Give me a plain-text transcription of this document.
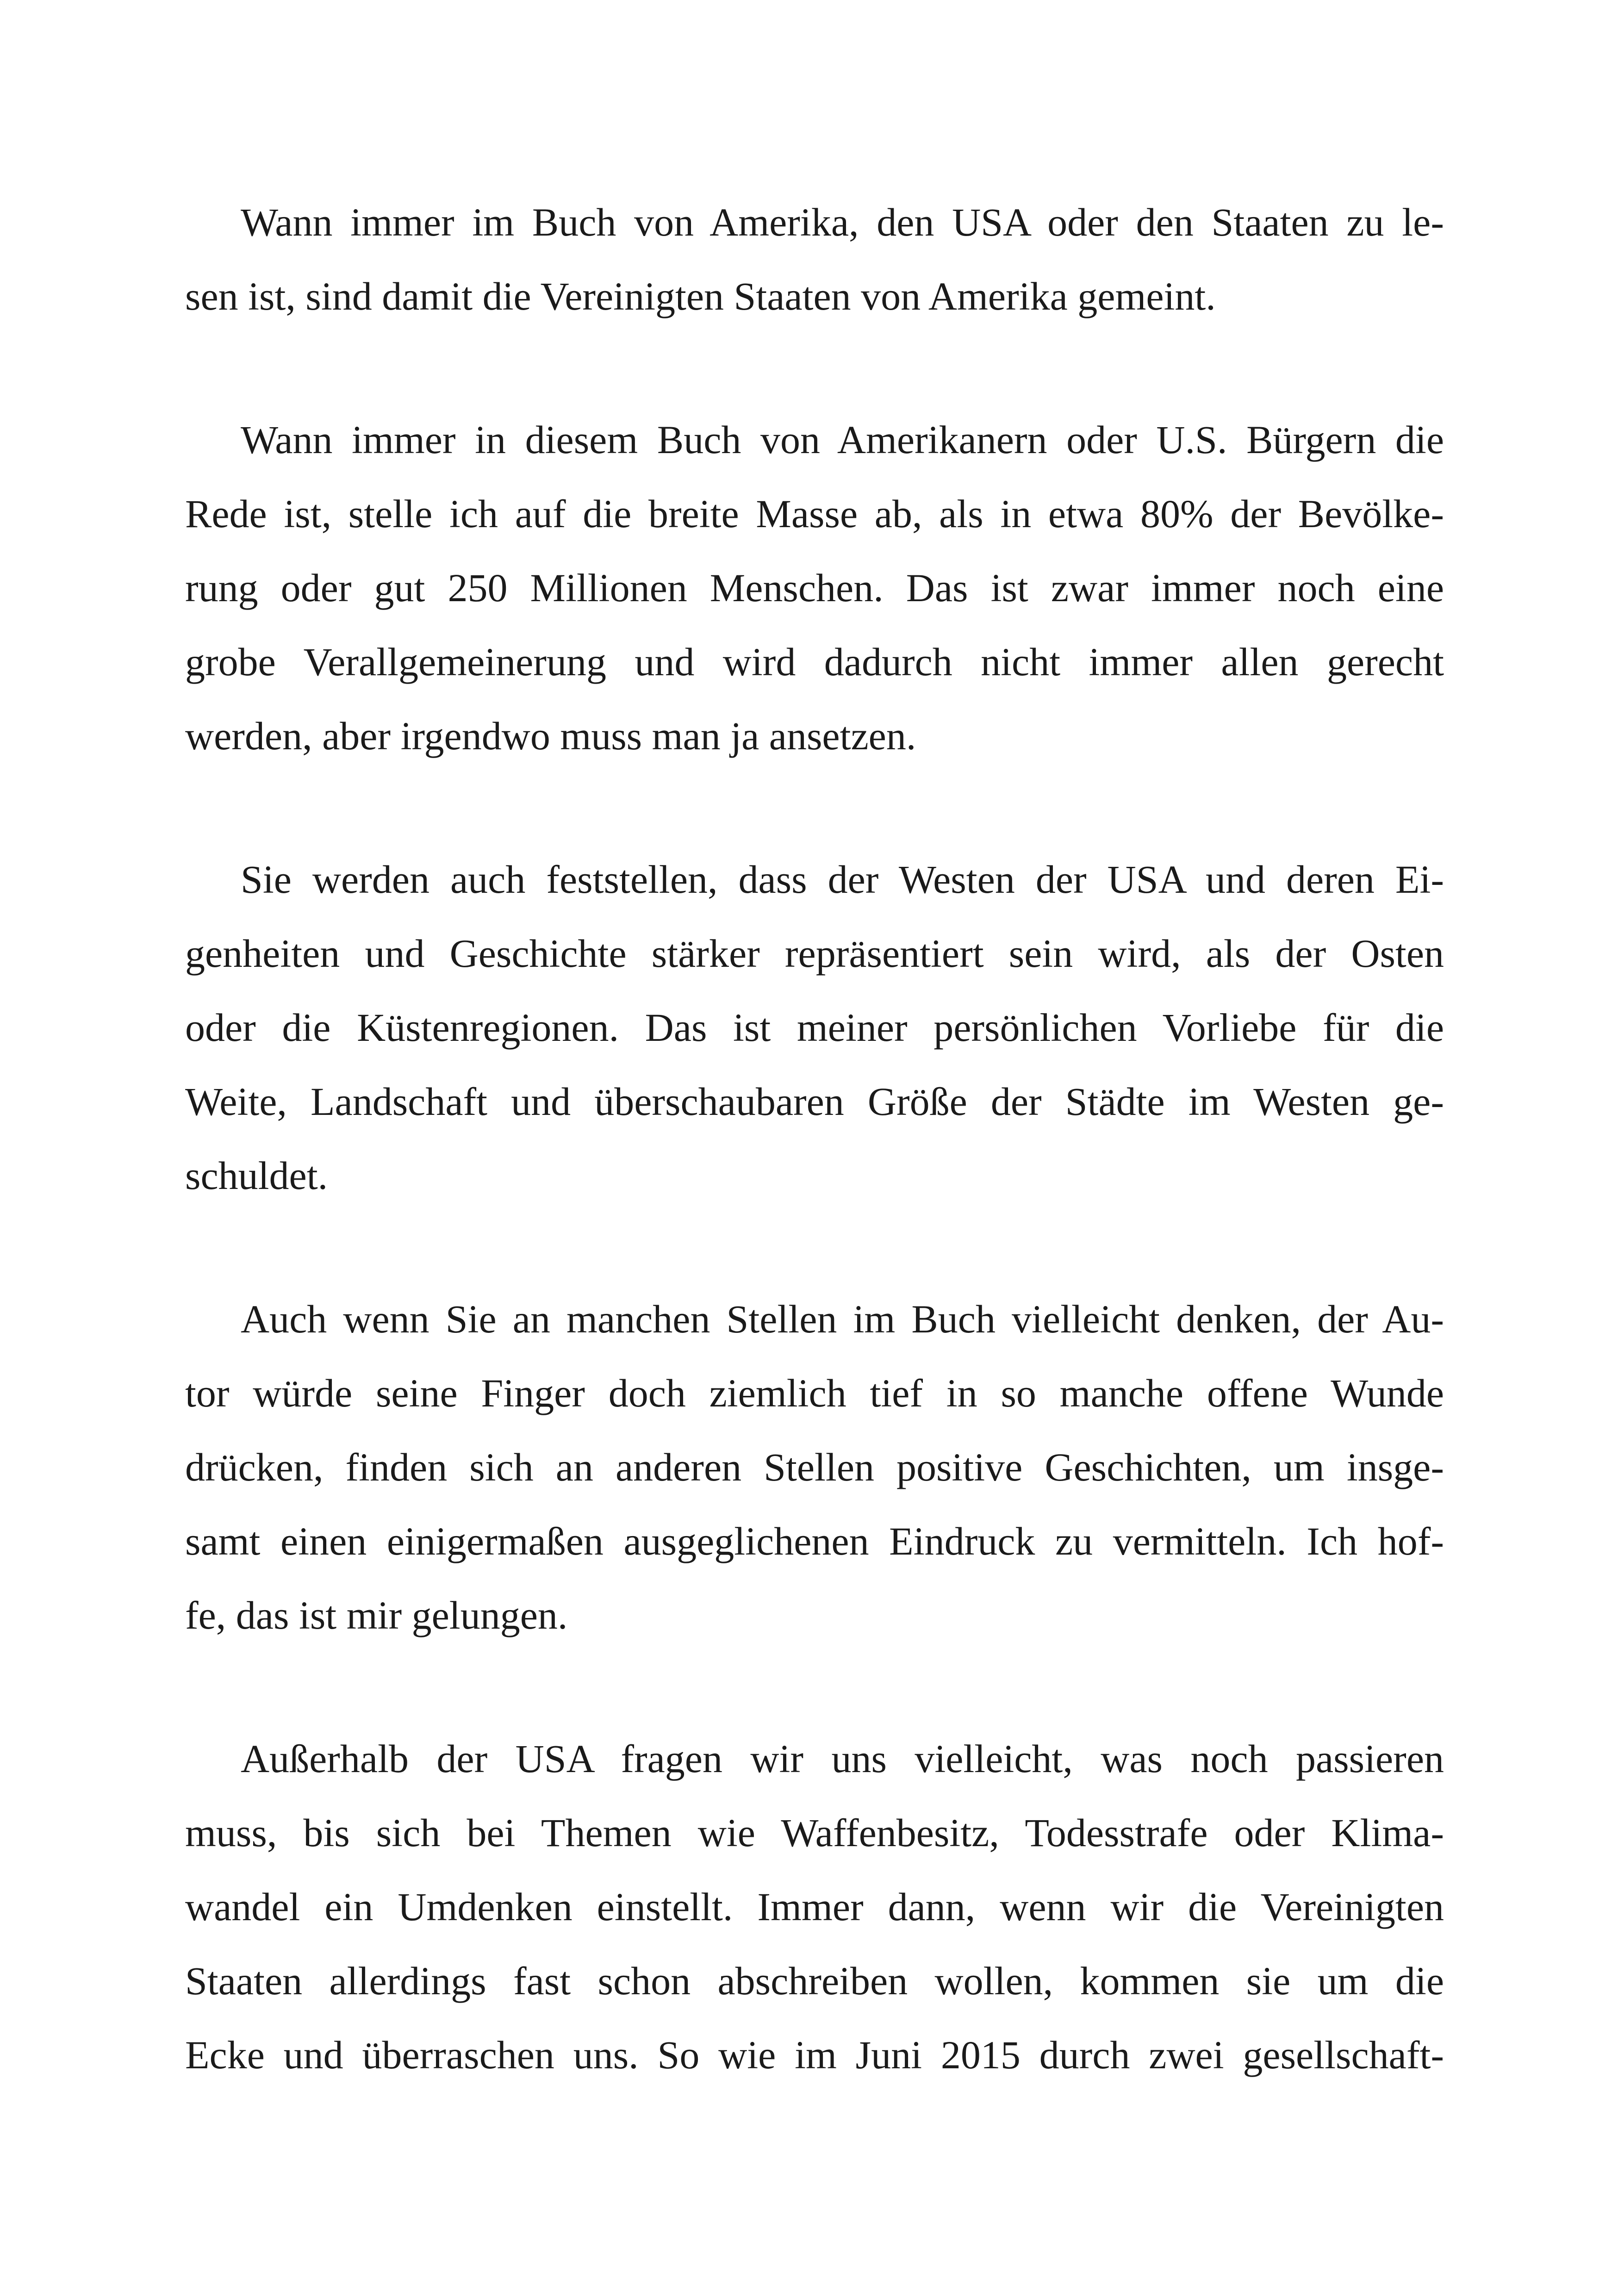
Wann immer im Buch von Amerika, den USA oder den Staaten zu le-
sen ist, sind damit die Vereinigten Staaten von Amerika gemeint.

Wann immer in diesem Buch von Amerikanern oder U.S. Bürgern die
Rede ist, stelle ich auf die breite Masse ab, als in etwa 80% der Bevölke-
rung oder gut 250 Millionen Menschen. Das ist zwar immer noch eine
grobe Verallgemeinerung und wird dadurch nicht immer allen gerecht
werden, aber irgendwo muss man ja ansetzen.

Sie werden auch feststellen, dass der Westen der USA und deren Ei-
genheiten und Geschichte stärker repräsentiert sein wird, als der Osten
oder die Küstenregionen. Das ist meiner persönlichen Vorliebe für die
Weite, Landschaft und überschaubaren Größe der Städte im Westen ge-
schuldet.

Auch wenn Sie an manchen Stellen im Buch vielleicht denken, der Au-
tor würde seine Finger doch ziemlich tief in so manche offene Wunde
drücken, finden sich an anderen Stellen positive Geschichten, um insge-
samt einen einigermaßen ausgeglichenen Eindruck zu vermitteln. Ich hof-
fe, das ist mir gelungen.

Außerhalb der USA fragen wir uns vielleicht, was noch passieren
muss, bis sich bei Themen wie Waffenbesitz, Todesstrafe oder Klima-
wandel ein Umdenken einstellt. Immer dann, wenn wir die Vereinigten
Staaten allerdings fast schon abschreiben wollen, kommen sie um die
Ecke und überraschen uns. So wie im Juni 2015 durch zwei gesellschaft-
